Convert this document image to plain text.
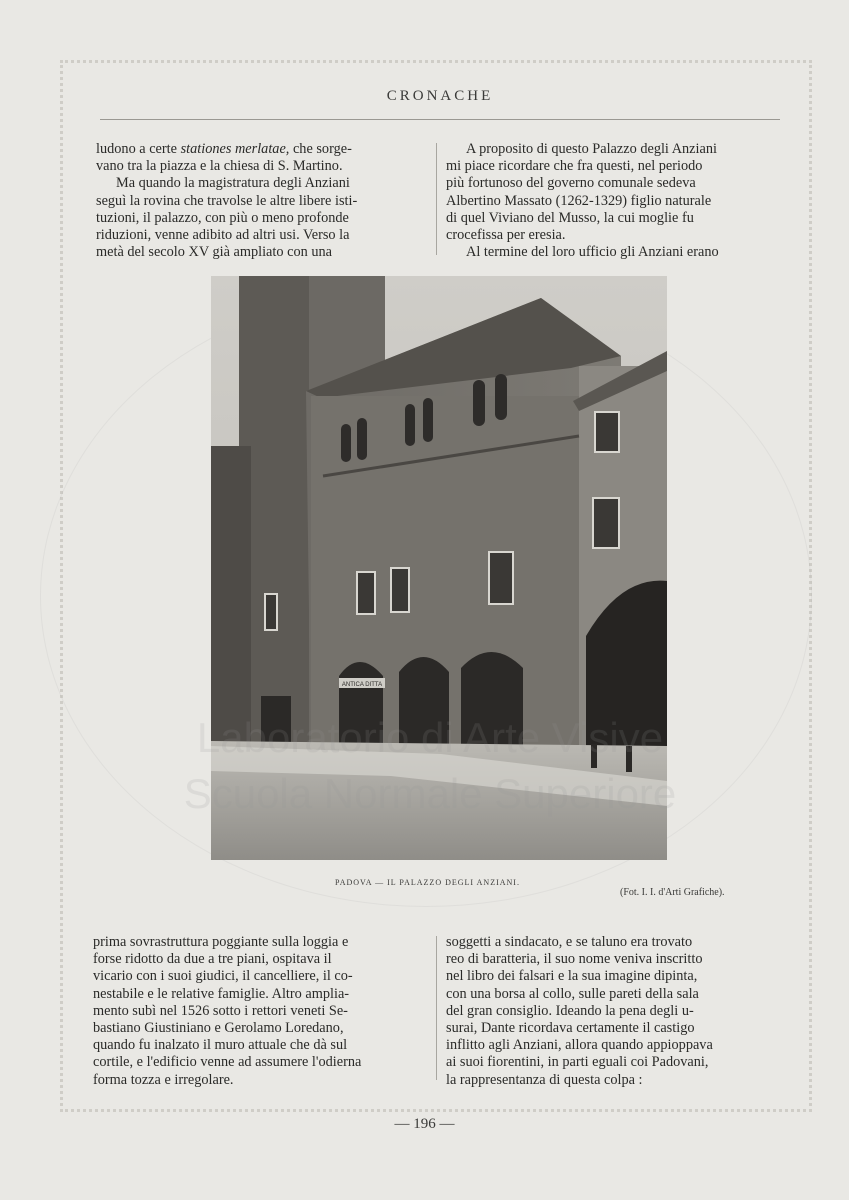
CRONACHE

ludono a certe stationes merlatae, che sorge-

vano tra la piazza e la chiesa di S. Martino.

Ma quando la magistratura degli Anziani

seguì la rovina che travolse le altre libere isti-

tuzioni, il palazzo, con più o meno profonde

riduzioni, venne adibito ad altri usi. Verso la

metà del secolo XV già ampliato con una

A proposito di questo Palazzo degli Anziani

mi piace ricordare che fra questi, nel periodo

più fortunoso del governo comunale sedeva

Albertino Massato (1262-1329) figlio naturale

di quel Viviano del Musso, la cui moglie fu

crocefissa per eresia.

Al termine del loro ufficio gli Anziani erano

ANTICA DITTA
PADOVA — IL PALAZZO DEGLI ANZIANI.
(Fot. I. I. d'Arti Grafiche).

prima sovrastruttura poggiante sulla loggia e

forse ridotto da due a tre piani, ospitava il

vicario con i suoi giudici, il cancelliere, il co-

nestabile e le relative famiglie. Altro amplia-

mento subì nel 1526 sotto i rettori veneti Se-

bastiano Giustiniano e Gerolamo Loredano,

quando fu inalzato il muro attuale che dà sul

cortile, e l'edificio venne ad assumere l'odierna

forma tozza e irregolare.

soggetti a sindacato, e se taluno era trovato

reo di baratteria, il suo nome veniva inscritto

nel libro dei falsari e la sua imagine dipinta,

con una borsa al collo, sulle pareti della sala

del gran consiglio. Ideando la pena degli u-

surai, Dante ricordava certamente il castigo

inflitto agli Anziani, allora quando appioppava

ai suoi fiorentini, in parti eguali coi Padovani,

la rappresentanza di questa colpa :

Laboratorio di Arte Visive
Scuola Normale Superiore
— 196 —
